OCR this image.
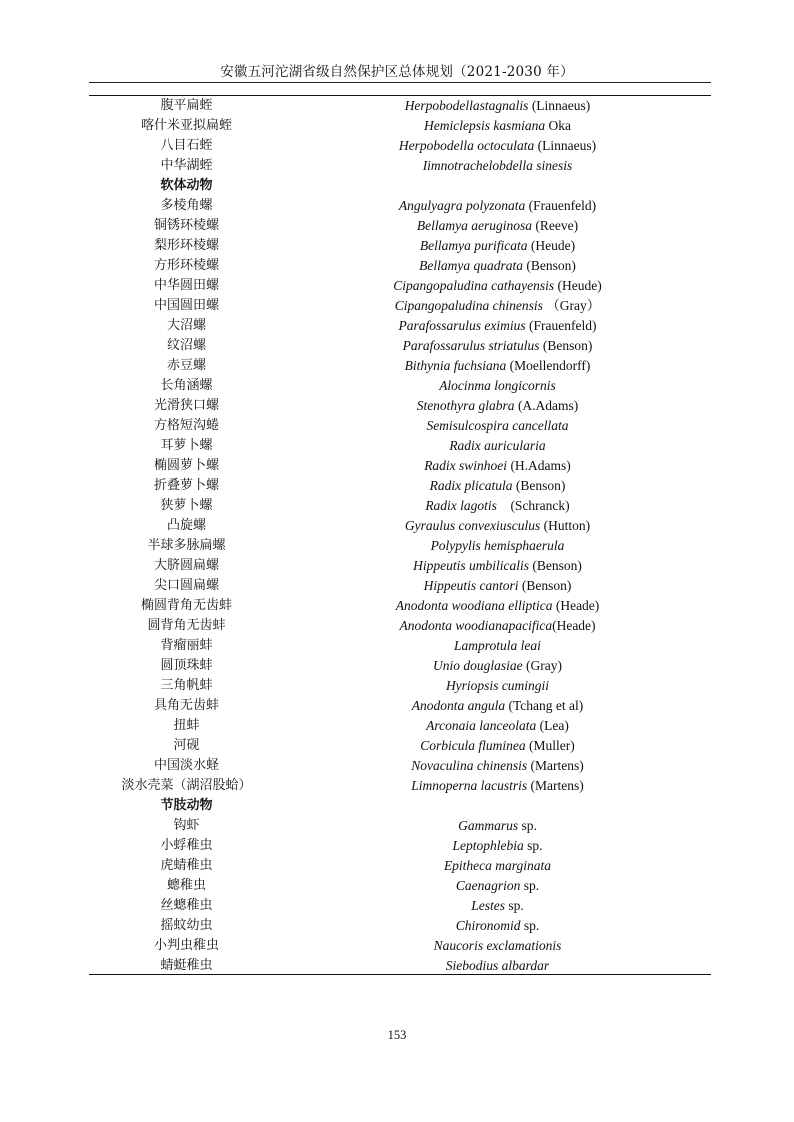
安徽五河沱湖省级自然保护区总体规划（2021-2030 年）
腹平扁蛭	Herpobodellastagnalis (Linnaeus)
喀什米亚拟扁蛭	Hemiclepsis kasmiana Oka
八目石蛭	Herpobodella octoculata (Linnaeus)
中华湖蛭	Iimnotrachelobdella sinesis
软体动物
多棱角螺	Angulyagra polyzonata (Frauenfeld)
铜锈环棱螺	Bellamya aeruginosa (Reeve)
梨形环棱螺	Bellamya purificata (Heude)
方形环棱螺	Bellamya quadrata (Benson)
中华圆田螺	Cipangopaludina cathayensis (Heude)
中国圆田螺	Cipangopaludina chinensis （Gray）
大沼螺	Parafossarulus eximius (Frauenfeld)
纹沼螺	Parafossarulus striatulus (Benson)
赤豆螺	Bithynia fuchsiana (Moellendorff)
长角涵螺	Alocinma longicornis
光滑狭口螺	Stenothyra glabra (A.Adams)
方格短沟蜷	Semisulcospira cancellata
耳萝卜螺	Radix auricularia
椭圆萝卜螺	Radix swinhoei (H.Adams)
折叠萝卜螺	Radix plicatula (Benson)
狭萝卜螺	Radix lagotis    (Schranck)
凸旋螺	Gyraulus convexiusculus (Hutton)
半球多脉扁螺	Polypylis hemisphaerula
大脐圆扁螺	Hippeutis umbilicalis (Benson)
尖口圆扁螺	Hippeutis cantori (Benson)
椭圆背角无齿蚌	Anodonta woodiana elliptica (Heade)
圆背角无齿蚌	Anodonta woodianapacifica(Heade)
背瘤丽蚌	Lamprotula leai
圆顶珠蚌	Unio douglasiae (Gray)
三角帆蚌	Hyriopsis cumingii
具角无齿蚌	Anodonta angula (Tchang et al)
扭蚌	Arconaia lanceolata (Lea)
河砚	Corbicula fluminea (Muller)
中国淡水蛏	Novaculina chinensis (Martens)
淡水壳菜（湖沼股蛤）	Limnoperna lacustris (Martens)
节肢动物
钩虾	Gammarus sp.
小蜉稚虫	Leptophlebia sp.
虎蜻稚虫	Epitheca marginata
蟌稚虫	Caenagrion sp.
丝蟌稚虫	Lestes sp.
摇蚊幼虫	Chironomid sp.
小判虫稚虫	Naucoris exclamationis
蜻蜓稚虫	Siebodius albardar
153
